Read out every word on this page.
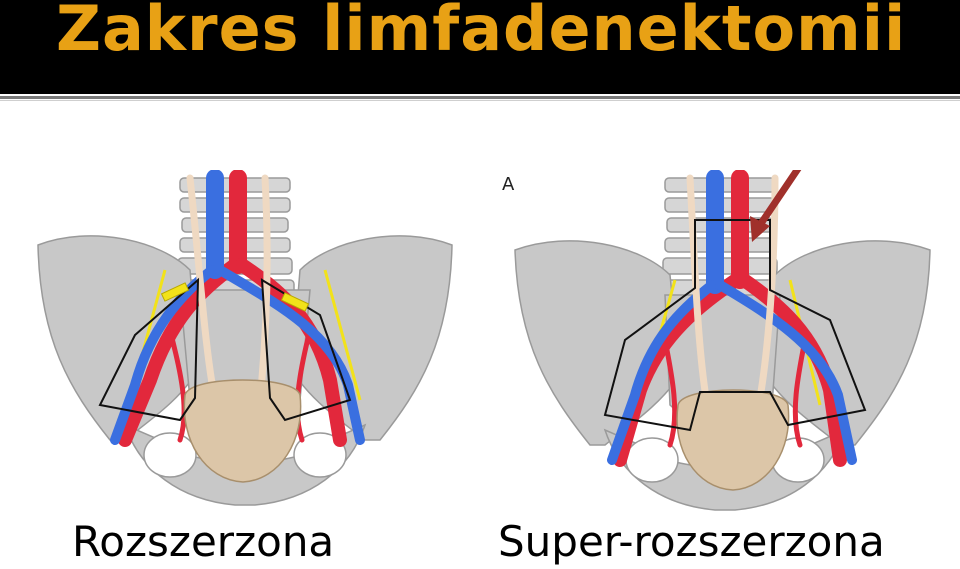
Zakres limfadenektomii
A

Rozszerzona	Super-rozszerzona
